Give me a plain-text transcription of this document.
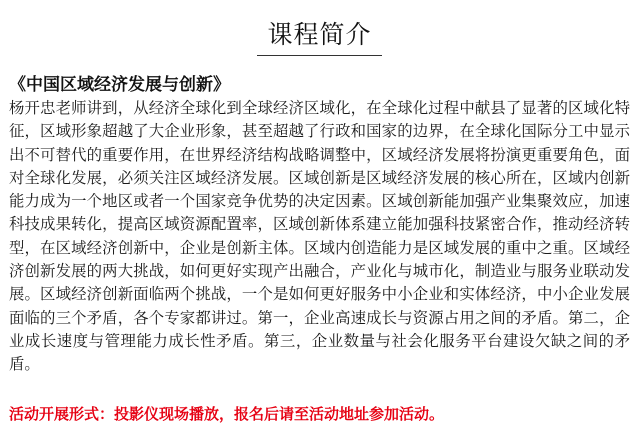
课程简介
《中国区域经济发展与创新》

杨开忠老师讲到，从经济全球化到全球经济区域化，在全球化过程中献县了显著的区域化特征，区域形象超越了大企业形象，甚至超越了行政和国家的边界，在全球化国际分工中显示出不可替代的重要作用，在世界经济结构战略调整中，区域经济发展将扮演更重要角色，面对全球化发展，必须关注区域经济发展。区域创新是区域经济发展的核心所在，区域内创新能力成为一个地区或者一个国家竞争优势的决定因素。区域创新能加强产业集聚效应，加速科技成果转化，提高区域资源配置率，区域创新体系建立能加强科技紧密合作，推动经济转型，在区域经济创新中，企业是创新主体。区域内创造能力是区域发展的重中之重。区域经济创新发展的两大挑战，如何更好实现产出融合，产业化与城市化，制造业与服务业联动发展。区域经济创新面临两个挑战，一个是如何更好服务中小企业和实体经济，中小企业发展面临的三个矛盾，各个专家都讲过。第一，企业高速成长与资源占用之间的矛盾。第二，企业成长速度与管理能力成长性矛盾。第三，企业数量与社会化服务平台建设欠缺之间的矛盾。

活动开展形式：投影仪现场播放，报名后请至活动地址参加活动。
